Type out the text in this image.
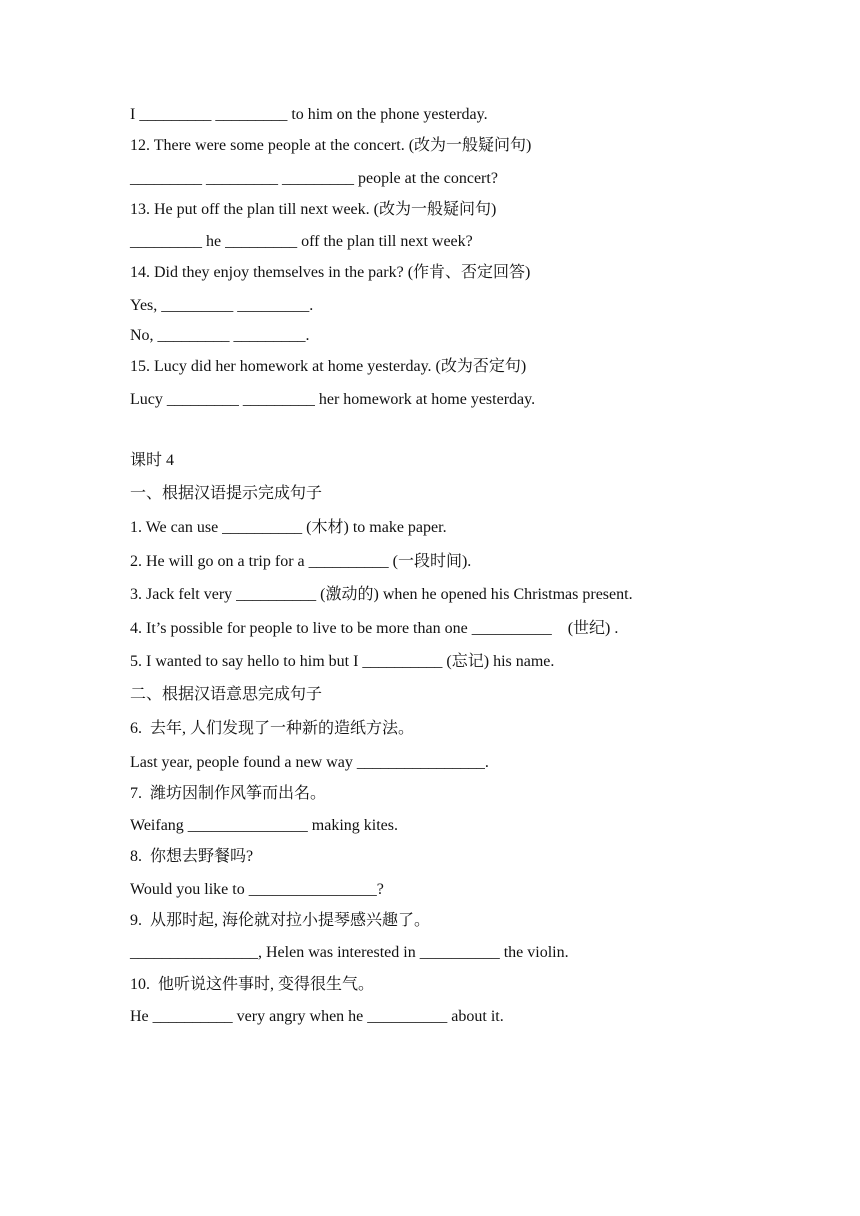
I _________ _________ to him on the phone yesterday.
12. There were some people at the concert. (改为一般疑问句)
_________ _________ _________ people at the concert?
13. He put off the plan till next week. (改为一般疑问句)
_________ he _________ off the plan till next week?
14. Did they enjoy themselves in the park? (作肯、否定回答)
Yes, _________ _________.
No, _________ _________.
15. Lucy did her homework at home yesterday. (改为否定句)
Lucy _________ _________ her homework at home yesterday.
课时 4
一、根据汉语提示完成句子
1. We can use __________ (木材) to make paper.
2. He will go on a trip for a __________ (一段时间).
3. Jack felt very __________ (激动的) when he opened his Christmas present.
4. It’s possible for people to live to be more than one __________    (世纪) .
5. I wanted to say hello to him but I __________ (忘记) his name.
二、根据汉语意思完成句子
6.  去年, 人们发现了一种新的造纸方法。
Last year, people found a new way ________________.
7.  潍坊因制作风筝而出名。
Weifang _______________ making kites.
8.  你想去野餐吗?
Would you like to ________________?
9.  从那时起, 海伦就对拉小提琴感兴趣了。
________________, Helen was interested in __________ the violin.
10.  他听说这件事时, 变得很生气。
He __________ very angry when he __________ about it.
